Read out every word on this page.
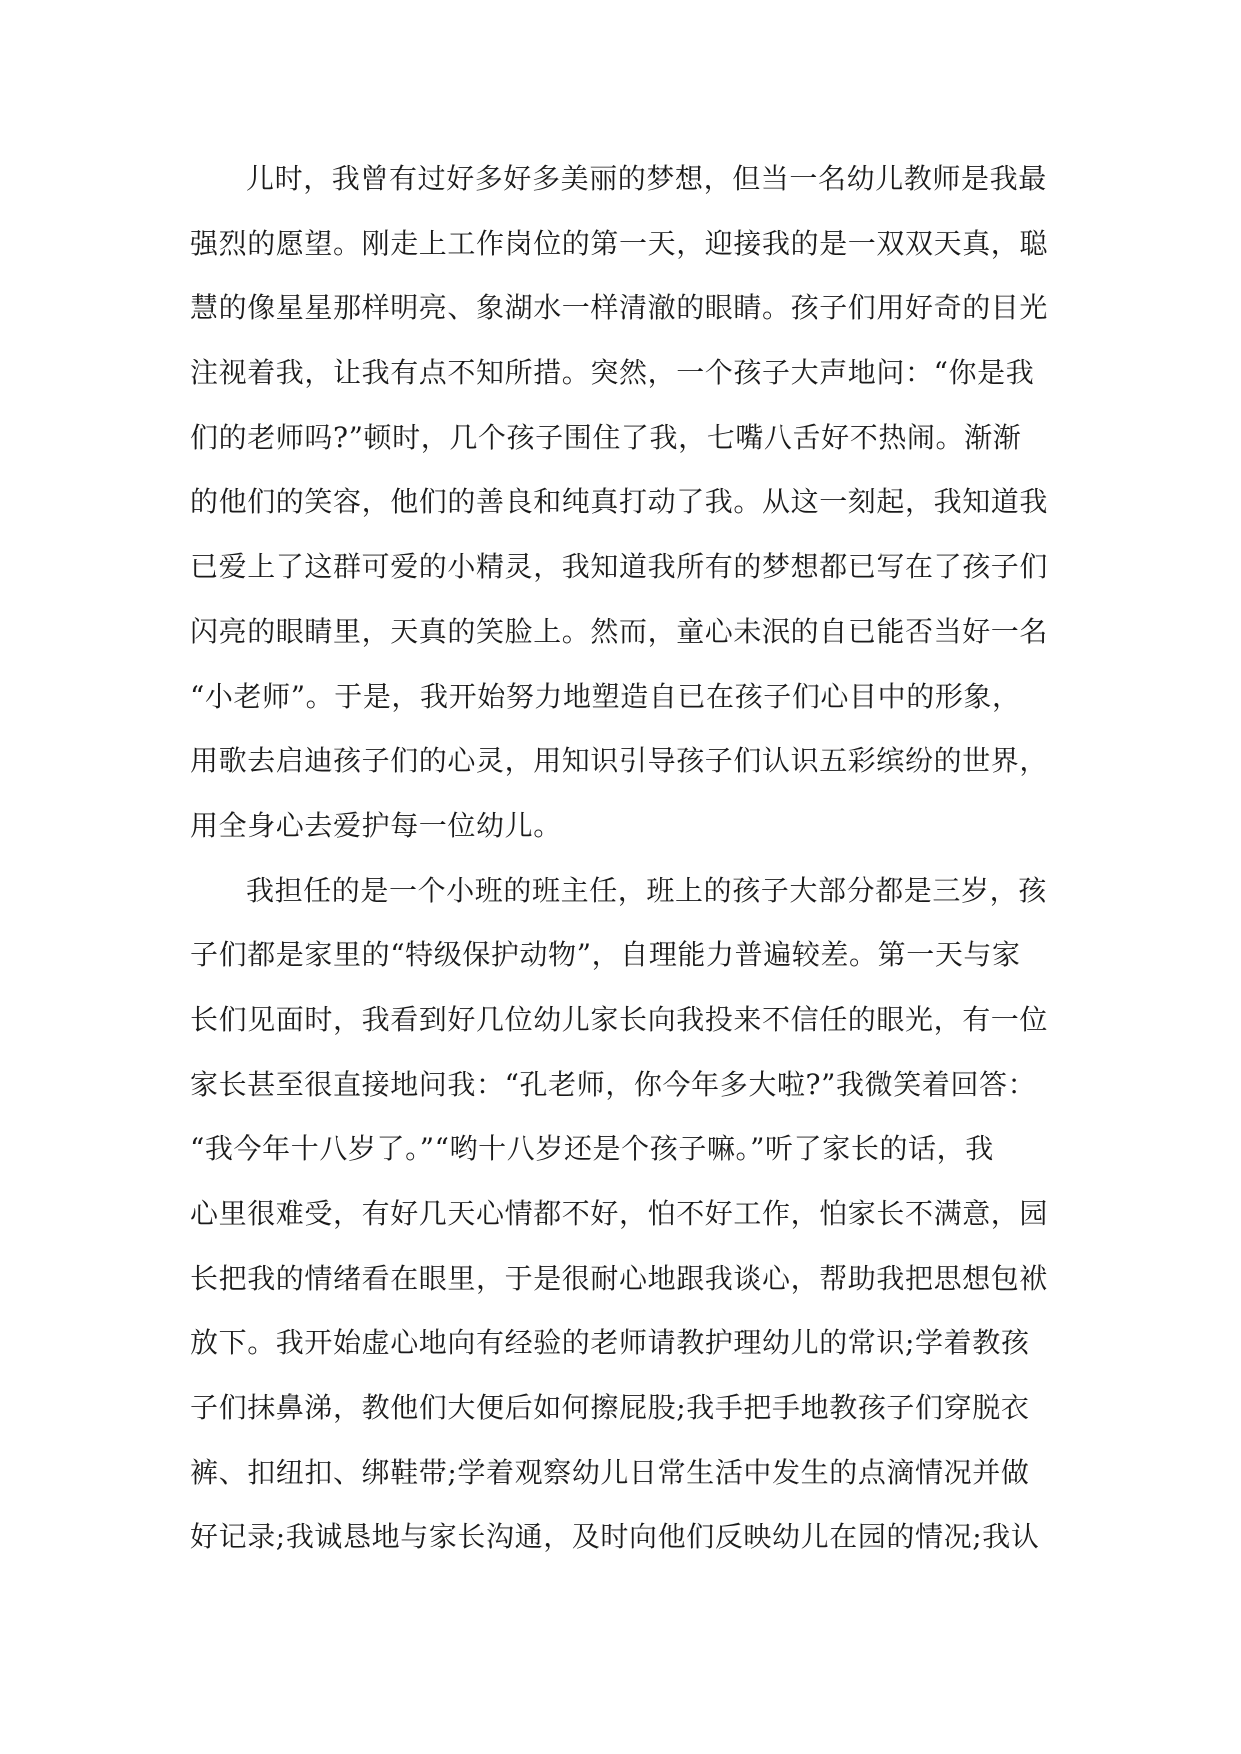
儿时，我曾有过好多好多美丽的梦想，但当一名幼儿教师是我最
强烈的愿望。刚走上工作岗位的第一天，迎接我的是一双双天真，聪
慧的像星星那样明亮、象湖水一样清澈的眼睛。孩子们用好奇的目光
注视着我，让我有点不知所措。突然，一个孩子大声地问：“你是我
们的老师吗?”顿时，几个孩子围住了我，七嘴八舌好不热闹。渐渐
的他们的笑容，他们的善良和纯真打动了我。从这一刻起，我知道我
已爱上了这群可爱的小精灵，我知道我所有的梦想都已写在了孩子们
闪亮的眼睛里，天真的笑脸上。然而，童心未泯的自已能否当好一名
“小老师”。于是，我开始努力地塑造自已在孩子们心目中的形象，
用歌去启迪孩子们的心灵，用知识引导孩子们认识五彩缤纷的世界，
用全身心去爱护每一位幼儿。
我担任的是一个小班的班主任，班上的孩子大部分都是三岁，孩
子们都是家里的“特级保护动物”，自理能力普遍较差。第一天与家
长们见面时，我看到好几位幼儿家长向我投来不信任的眼光，有一位
家长甚至很直接地问我：“孔老师，你今年多大啦?”我微笑着回答：
“我今年十八岁了。”“哟十八岁还是个孩子嘛。”听了家长的话，我
心里很难受，有好几天心情都不好，怕不好工作，怕家长不满意，园
长把我的情绪看在眼里，于是很耐心地跟我谈心，帮助我把思想包袱
放下。我开始虚心地向有经验的老师请教护理幼儿的常识;学着教孩
子们抹鼻涕，教他们大便后如何擦屁股;我手把手地教孩子们穿脱衣
裤、扣纽扣、绑鞋带;学着观察幼儿日常生活中发生的点滴情况并做
好记录;我诚恳地与家长沟通，及时向他们反映幼儿在园的情况;我认
